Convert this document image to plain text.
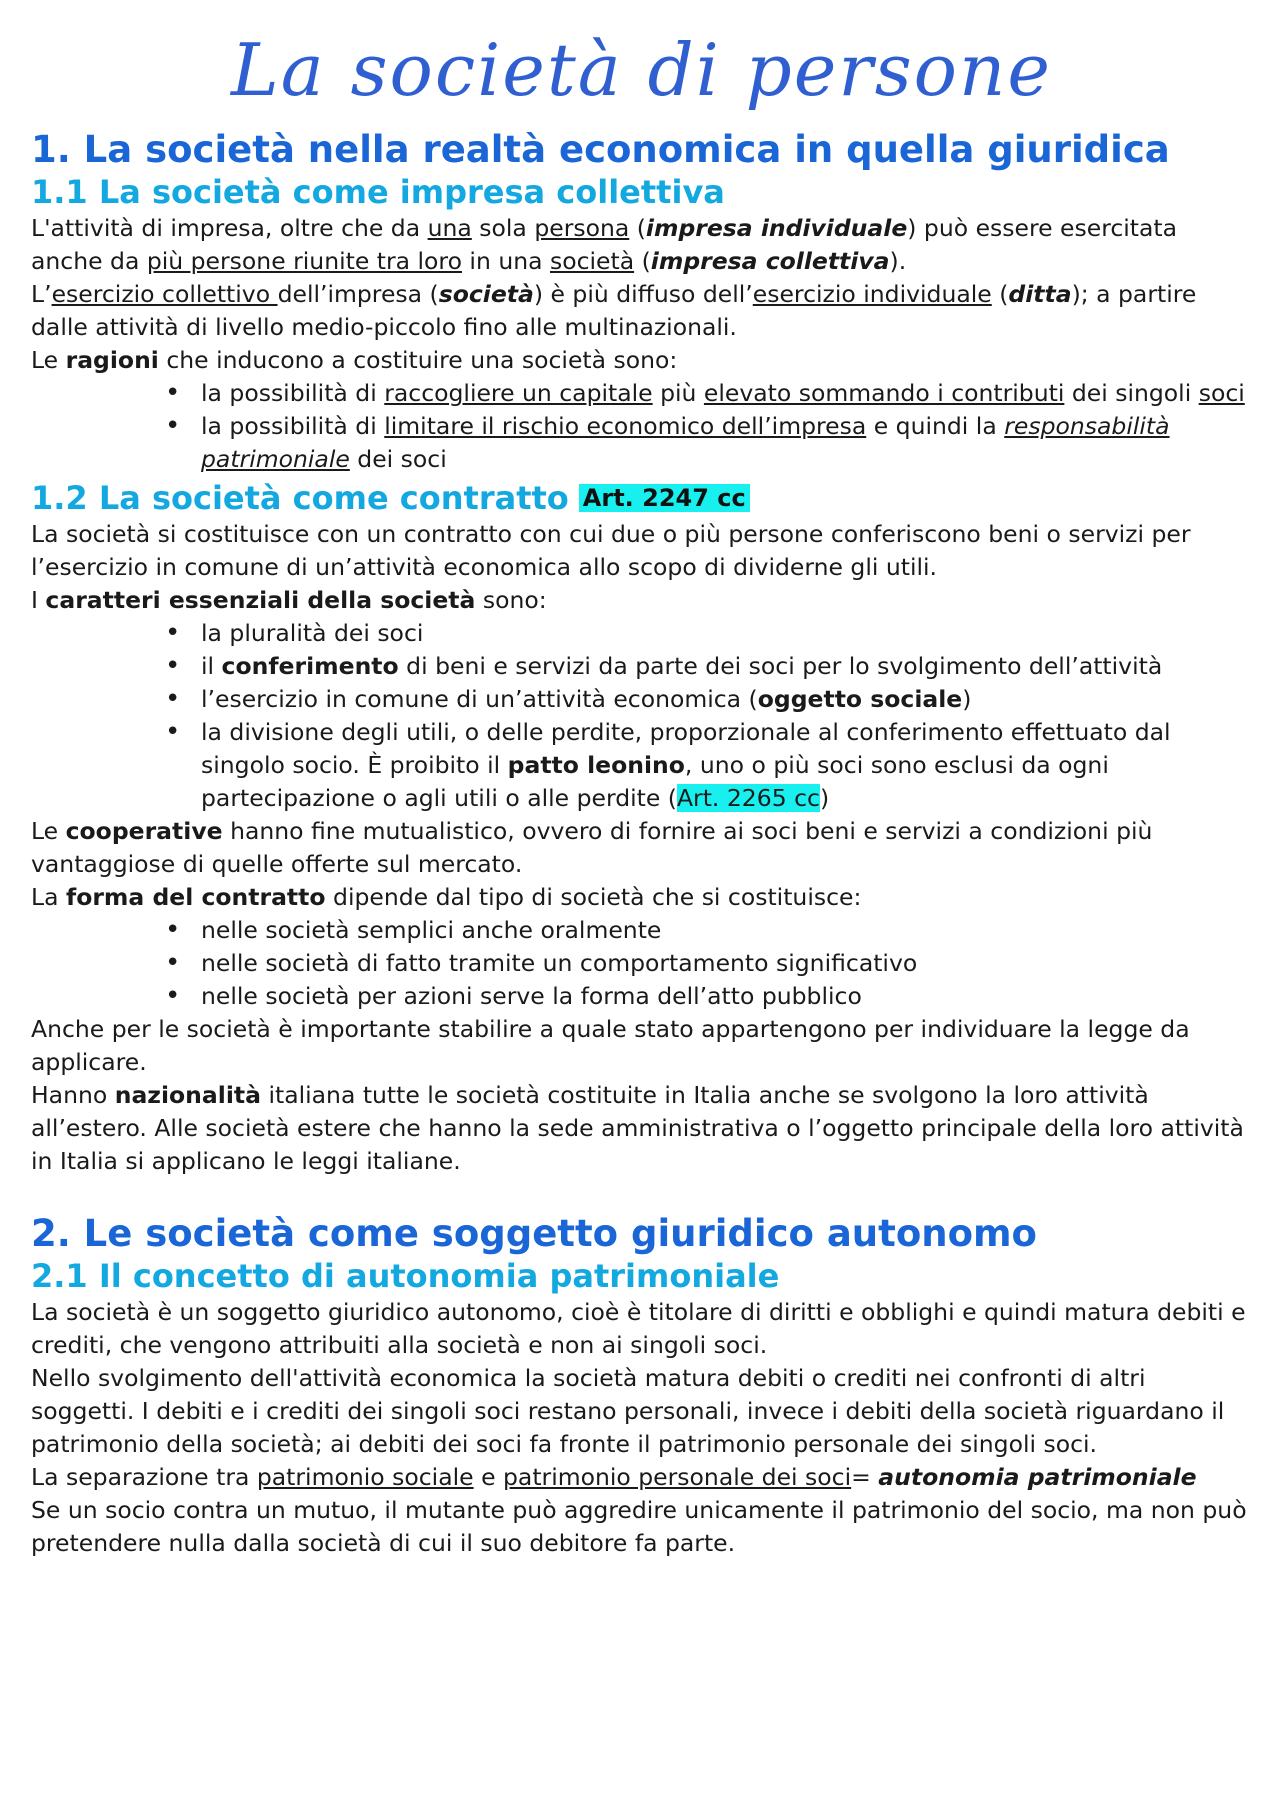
La società di persone
1. La società nella realtà economica in quella giuridica
1.1 La società come impresa collettiva

L'attività di impresa, oltre che da una sola persona (impresa individuale) può essere esercitata anche da più persone riunite tra loro in una società (impresa collettiva).

L’esercizio collettivo dell’impresa (società) è più diffuso dell’esercizio individuale (ditta); a partire dalle attività di livello medio-piccolo fino alle multinazionali.

Le ragioni che inducono a costituire una società sono:

• la possibilità di raccogliere un capitale più elevato sommando i contributi dei singoli soci
• la possibilità di limitare il rischio economico dell’impresa e quindi la responsabilità patrimoniale dei soci
1.2 La società come contratto Art. 2247 cc

La società si costituisce con un contratto con cui due o più persone conferiscono beni o servizi per l’esercizio in comune di un’attività economica allo scopo di dividerne gli utili.

I caratteri essenziali della società sono:

• la pluralità dei soci
• il conferimento di beni e servizi da parte dei soci per lo svolgimento dell’attività
• l’esercizio in comune di un’attività economica (oggetto sociale)
• la divisione degli utili, o delle perdite, proporzionale al conferimento effettuato dal singolo socio. È proibito il patto leonino, uno o più soci sono esclusi da ogni partecipazione o agli utili o alle perdite (Art. 2265 cc)

Le cooperative hanno fine mutualistico, ovvero di fornire ai soci beni e servizi a condizioni più vantaggiose di quelle offerte sul mercato.

La forma del contratto dipende dal tipo di società che si costituisce:

• nelle società semplici anche oralmente
• nelle società di fatto tramite un comportamento significativo
• nelle società per azioni serve la forma dell’atto pubblico

Anche per le società è importante stabilire a quale stato appartengono per individuare la legge da applicare.

Hanno nazionalità italiana tutte le società costituite in Italia anche se svolgono la loro attività all’estero. Alle società estere che hanno la sede amministrativa o l’oggetto principale della loro attività in Italia si applicano le leggi italiane.

2. Le società come soggetto giuridico autonomo
2.1 Il concetto di autonomia patrimoniale

La società è un soggetto giuridico autonomo, cioè è titolare di diritti e obblighi e quindi matura debiti e crediti, che vengono attribuiti alla società e non ai singoli soci.

Nello svolgimento dell'attività economica la società matura debiti o crediti nei confronti di altri soggetti. I debiti e i crediti dei singoli soci restano personali, invece i debiti della società riguardano il patrimonio della società; ai debiti dei soci fa fronte il patrimonio personale dei singoli soci.

La separazione tra patrimonio sociale e patrimonio personale dei soci= autonomia patrimoniale

Se un socio contra un mutuo, il mutante può aggredire unicamente il patrimonio del socio, ma non può pretendere nulla dalla società di cui il suo debitore fa parte.
